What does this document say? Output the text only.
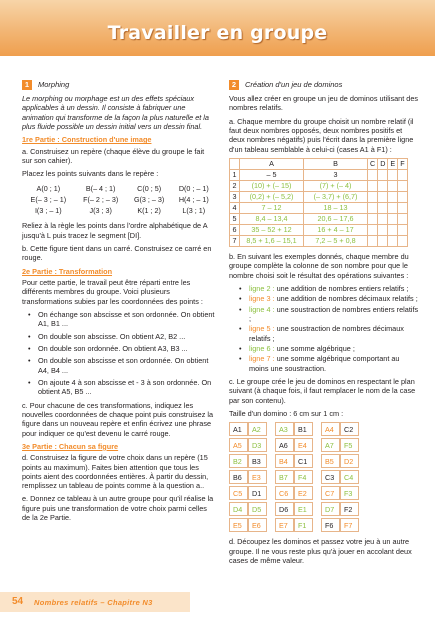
Travailler en groupe
1	Morphing

Le morphing ou morphage est un des effets spéciaux applicables à un dessin. Il consiste à fabriquer une animation qui transforme de la façon la plus naturelle et la plus fluide possible un dessin initial vers un dessin final.

1re Partie : Construction d'une image

a. Construisez un repère (chaque élève du groupe le fait sur son cahier).

Placez les points suivants dans le repère :

A(0 ; 1)	B(– 4 ; 1)	C(0 ; 5)	D(0 ; – 1)
E(– 3 ; – 1)	F(– 2 ; – 3)	G(3 ; – 3)	H(4 ; – 1)
I(3 ; – 1)	J(3 ; 3)	K(1 ; 2)	L(3 ; 1)

Reliez à la règle les points dans l'ordre alphabétique de A jusqu'à L puis tracez le segment [DI].

b. Cette figure tient dans un carré. Construisez ce carré en rouge.

2e Partie : Transformation

Pour cette partie, le travail peut être réparti entre les différents membres du groupe. Voici plusieurs transformations subies par les coordonnées des points :

• On échange son abscisse et son ordonnée. On obtient A1, B1 ...
• On double son abscisse. On obtient A2, B2 ...
• On double son ordonnée. On obtient A3, B3 ...
• On double son abscisse et son ordonnée. On obtient A4, B4 ...
• On ajoute 4 à son abscisse et - 3 à son ordonnée. On obtient A5, B5 ...

c. Pour chacune de ces transformations, indiquez les nouvelles coordonnées de chaque point puis construisez la figure dans un nouveau repère et enfin écrivez une phrase pour indiquer ce qu'est devenu le carré rouge.

3e Partie : Chacun sa figure

d. Construisez la figure de votre choix dans un repère (15 points au maximum). Faites bien attention que tous les points aient des coordonnées entières. À partir du dessin, remplissez un tableau de points comme à la question a..

e. Donnez ce tableau à un autre groupe pour qu'il réalise la figure puis une transformation de votre choix parmi celles de la 2e Partie.

2	Création d'un jeu de dominos

Vous allez créer en groupe un jeu de dominos utilisant des nombres relatifs.

a. Chaque membre du groupe choisit un nombre relatif (il faut deux nombres opposés, deux nombres positifs et deux nombres négatifs) puis l'écrit dans la première ligne d'un tableau semblable à celui-ci (cases A1 à F1) :

	A	B	C	D	E	F
1	– 5	3				
2	(10) + (– 15)	(7) + (– 4)				
3	(0,2) + (– 5,2)	(– 3,7) + (6,7)				
4	7 – 12	18 – 13				
5	8,4 – 13,4	20,6 – 17,6				
6	35 – 52 + 12	16 + 4 – 17				
7	8,5 + 1,6 – 15,1	7,2 – 5 + 0,8				

b. En suivant les exemples donnés, chaque membre du groupe complète la colonne de son nombre pour que le nombre choisi soit le résultat des opérations suivantes :

• ligne 2 : une addition de nombres entiers relatifs ;
• ligne 3 : une addition de nombres décimaux relatifs ;
• ligne 4 : une soustraction de nombres entiers relatifs ;
• ligne 5 : une soustraction de nombres décimaux relatifs ;
• ligne 6 : une somme algébrique ;
• ligne 7 : une somme algébrique comportant au moins une soustraction.

c. Le groupe crée le jeu de dominos en respectant le plan suivant (à chaque fois, il faut remplacer le nom de la case par son contenu).

Taille d'un domino : 6 cm sur 1 cm :

A1	A2	A3	B1	A4	C2
A5	D3	A6	E4	A7	F5
B2	B3	B4	C1	B5	D2
B6	E3	B7	F4	C3	C4
C5	D1	C6	E2	C7	F3
D4	D5	D6	E1	D7	F2
E5	E6	E7	F1	F6	F7

d. Découpez les dominos et passez votre jeu à un autre groupe. Il ne vous reste plus qu'à jouer en accolant deux cases de même valeur.

54 Nombres relatifs – Chapitre N3
